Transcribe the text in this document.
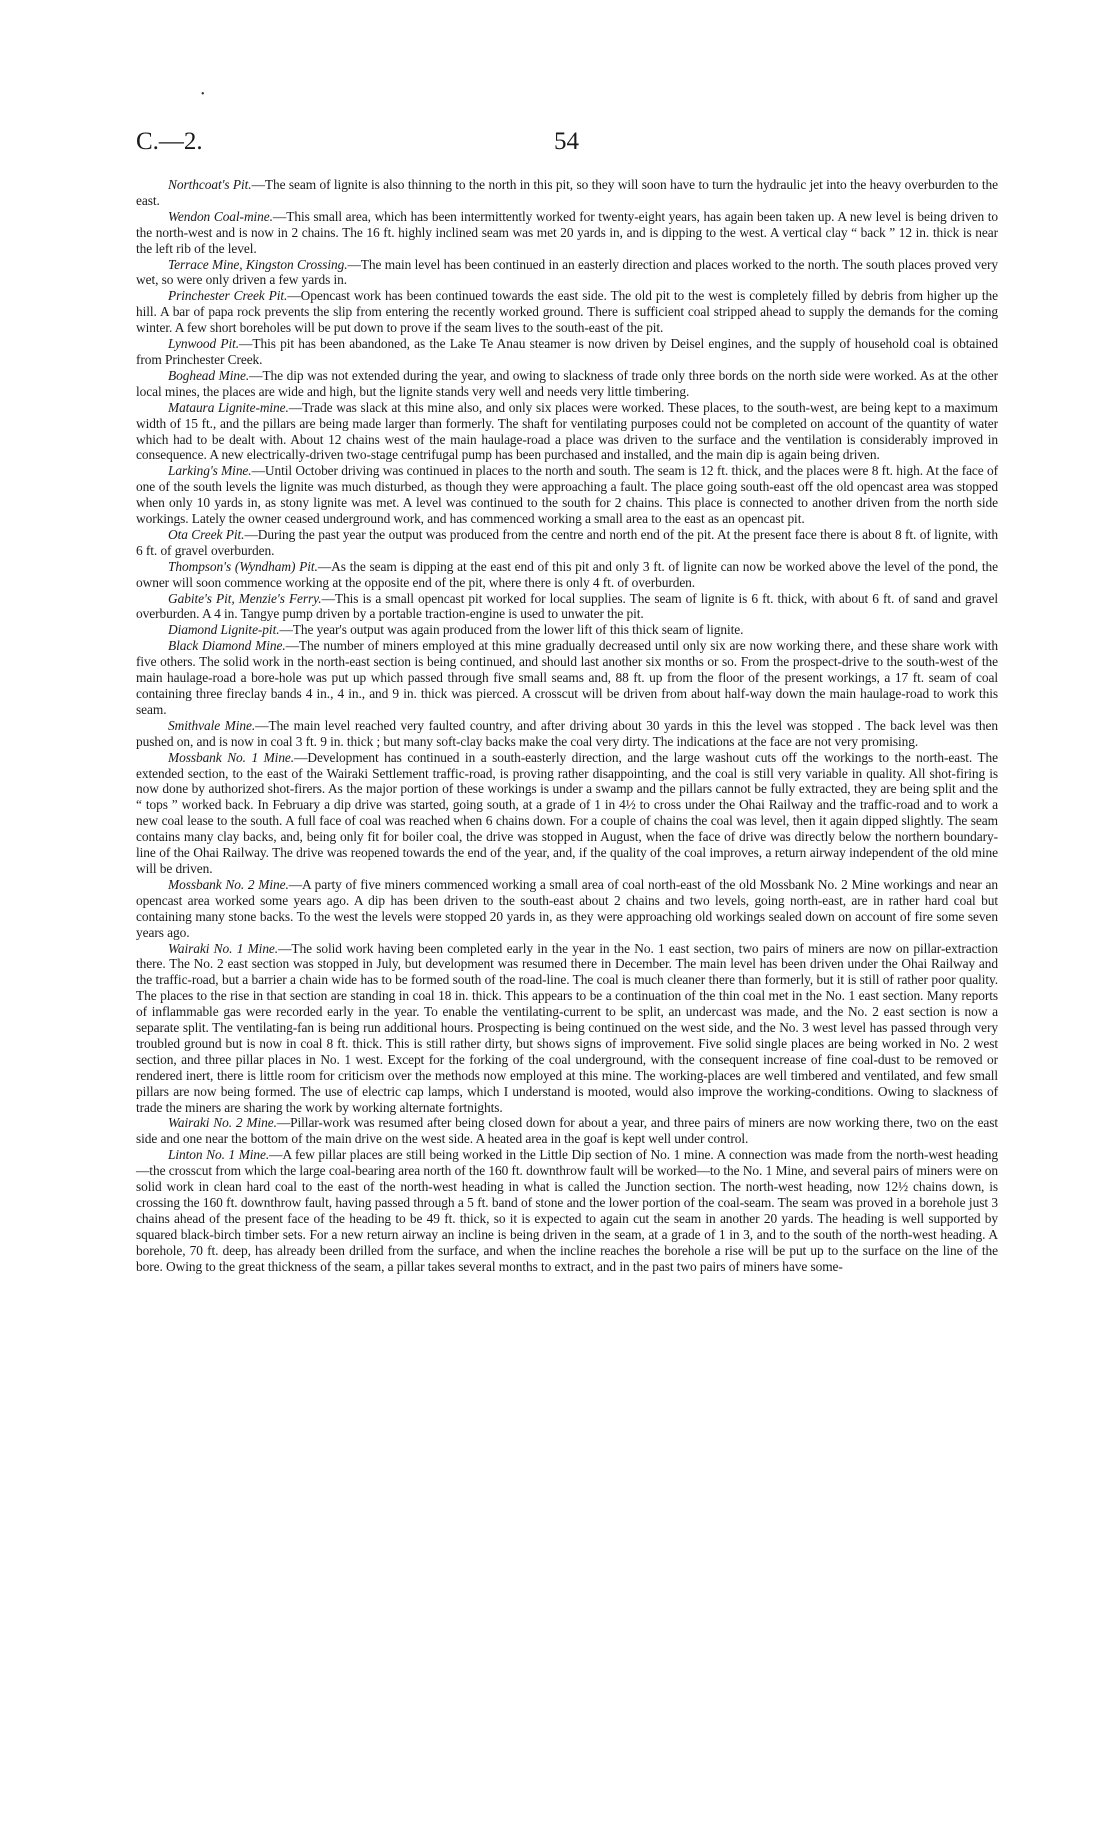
•
C.—2.	54

Northcoat's Pit.—The seam of lignite is also thinning to the north in this pit, so they will soon have to turn the hydraulic jet into the heavy overburden to the east.

Wendon Coal-mine.—This small area, which has been intermittently worked for twenty-eight years, has again been taken up. A new level is being driven to the north-west and is now in 2 chains. The 16 ft. highly inclined seam was met 20 yards in, and is dipping to the west. A vertical clay “ back ” 12 in. thick is near the left rib of the level.

Terrace Mine, Kingston Crossing.—The main level has been continued in an easterly direction and places worked to the north. The south places proved very wet, so were only driven a few yards in.

Princhester Creek Pit.—Opencast work has been continued towards the east side. The old pit to the west is completely filled by debris from higher up the hill. A bar of papa rock prevents the slip from entering the recently worked ground. There is sufficient coal stripped ahead to supply the demands for the coming winter. A few short boreholes will be put down to prove if the seam lives to the south-east of the pit.

Lynwood Pit.—This pit has been abandoned, as the Lake Te Anau steamer is now driven by Deisel engines, and the supply of household coal is obtained from Princhester Creek.

Boghead Mine.—The dip was not extended during the year, and owing to slackness of trade only three bords on the north side were worked. As at the other local mines, the places are wide and high, but the lignite stands very well and needs very little timbering.

Mataura Lignite-mine.—Trade was slack at this mine also, and only six places were worked. These places, to the south-west, are being kept to a maximum width of 15 ft., and the pillars are being made larger than formerly. The shaft for ventilating purposes could not be completed on account of the quantity of water which had to be dealt with. About 12 chains west of the main haulage-road a place was driven to the surface and the ventilation is considerably improved in consequence. A new electrically-driven two-stage centrifugal pump has been purchased and installed, and the main dip is again being driven.

Larking's Mine.—Until October driving was continued in places to the north and south. The seam is 12 ft. thick, and the places were 8 ft. high. At the face of one of the south levels the lignite was much disturbed, as though they were approaching a fault. The place going south-east off the old opencast area was stopped when only 10 yards in, as stony lignite was met. A level was continued to the south for 2 chains. This place is connected to another driven from the north side workings. Lately the owner ceased underground work, and has commenced working a small area to the east as an opencast pit.

Ota Creek Pit.—During the past year the output was produced from the centre and north end of the pit. At the present face there is about 8 ft. of lignite, with 6 ft. of gravel overburden.

Thompson's (Wyndham) Pit.—As the seam is dipping at the east end of this pit and only 3 ft. of lignite can now be worked above the level of the pond, the owner will soon commence working at the opposite end of the pit, where there is only 4 ft. of overburden.

Gabite's Pit, Menzie's Ferry.—This is a small opencast pit worked for local supplies. The seam of lignite is 6 ft. thick, with about 6 ft. of sand and gravel overburden. A 4 in. Tangye pump driven by a portable traction-engine is used to unwater the pit.

Diamond Lignite-pit.—The year's output was again produced from the lower lift of this thick seam of lignite.

Black Diamond Mine.—The number of miners employed at this mine gradually decreased until only six are now working there, and these share work with five others. The solid work in the north-east section is being continued, and should last another six months or so. From the prospect-drive to the south-west of the main haulage-road a bore-hole was put up which passed through five small seams and, 88 ft. up from the floor of the present workings, a 17 ft. seam of coal containing three fireclay bands 4 in., 4 in., and 9 in. thick was pierced. A crosscut will be driven from about half-way down the main haulage-road to work this seam.

Smithvale Mine.—The main level reached very faulted country, and after driving about 30 yards in this the level was stopped . The back level was then pushed on, and is now in coal 3 ft. 9 in. thick ; but many soft-clay backs make the coal very dirty. The indications at the face are not very promising.

Mossbank No. 1 Mine.—Development has continued in a south-easterly direction, and the large washout cuts off the workings to the north-east. The extended section, to the east of the Wairaki Settlement traffic-road, is proving rather disappointing, and the coal is still very variable in quality. All shot-firing is now done by authorized shot-firers. As the major portion of these workings is under a swamp and the pillars cannot be fully extracted, they are being split and the “ tops ” worked back. In February a dip drive was started, going south, at a grade of 1 in 4½ to cross under the Ohai Railway and the traffic-road and to work a new coal lease to the south. A full face of coal was reached when 6 chains down. For a couple of chains the coal was level, then it again dipped slightly. The seam contains many clay backs, and, being only fit for boiler coal, the drive was stopped in August, when the face of drive was directly below the northern boundary-line of the Ohai Railway. The drive was reopened towards the end of the year, and, if the quality of the coal improves, a return airway independent of the old mine will be driven.

Mossbank No. 2 Mine.—A party of five miners commenced working a small area of coal north-east of the old Mossbank No. 2 Mine workings and near an opencast area worked some years ago. A dip has been driven to the south-east about 2 chains and two levels, going north-east, are in rather hard coal but containing many stone backs. To the west the levels were stopped 20 yards in, as they were approaching old workings sealed down on account of fire some seven years ago.

Wairaki No. 1 Mine.—The solid work having been completed early in the year in the No. 1 east section, two pairs of miners are now on pillar-extraction there. The No. 2 east section was stopped in July, but development was resumed there in December. The main level has been driven under the Ohai Railway and the traffic-road, but a barrier a chain wide has to be formed south of the road-line. The coal is much cleaner there than formerly, but it is still of rather poor quality. The places to the rise in that section are standing in coal 18 in. thick. This appears to be a continuation of the thin coal met in the No. 1 east section. Many reports of inflammable gas were recorded early in the year. To enable the ventilating-current to be split, an undercast was made, and the No. 2 east section is now a separate split. The ventilating-fan is being run additional hours. Prospecting is being continued on the west side, and the No. 3 west level has passed through very troubled ground but is now in coal 8 ft. thick. This is still rather dirty, but shows signs of improvement. Five solid single places are being worked in No. 2 west section, and three pillar places in No. 1 west. Except for the forking of the coal underground, with the consequent increase of fine coal-dust to be removed or rendered inert, there is little room for criticism over the methods now employed at this mine. The working-places are well timbered and ventilated, and few small pillars are now being formed. The use of electric cap lamps, which I understand is mooted, would also improve the working-conditions. Owing to slackness of trade the miners are sharing the work by working alternate fortnights.

Wairaki No. 2 Mine.—Pillar-work was resumed after being closed down for about a year, and three pairs of miners are now working there, two on the east side and one near the bottom of the main drive on the west side. A heated area in the goaf is kept well under control.

Linton No. 1 Mine.—A few pillar places are still being worked in the Little Dip section of No. 1 mine. A connection was made from the north-west heading—the crosscut from which the large coal-bearing area north of the 160 ft. downthrow fault will be worked—to the No. 1 Mine, and several pairs of miners were on solid work in clean hard coal to the east of the north-west heading in what is called the Junction section. The north-west heading, now 12½ chains down, is crossing the 160 ft. downthrow fault, having passed through a 5 ft. band of stone and the lower portion of the coal-seam. The seam was proved in a borehole just 3 chains ahead of the present face of the heading to be 49 ft. thick, so it is expected to again cut the seam in another 20 yards. The heading is well supported by squared black-birch timber sets. For a new return airway an incline is being driven in the seam, at a grade of 1 in 3, and to the south of the north-west heading. A borehole, 70 ft. deep, has already been drilled from the surface, and when the incline reaches the borehole a rise will be put up to the surface on the line of the bore. Owing to the great thickness of the seam, a pillar takes several months to extract, and in the past two pairs of miners have some-
